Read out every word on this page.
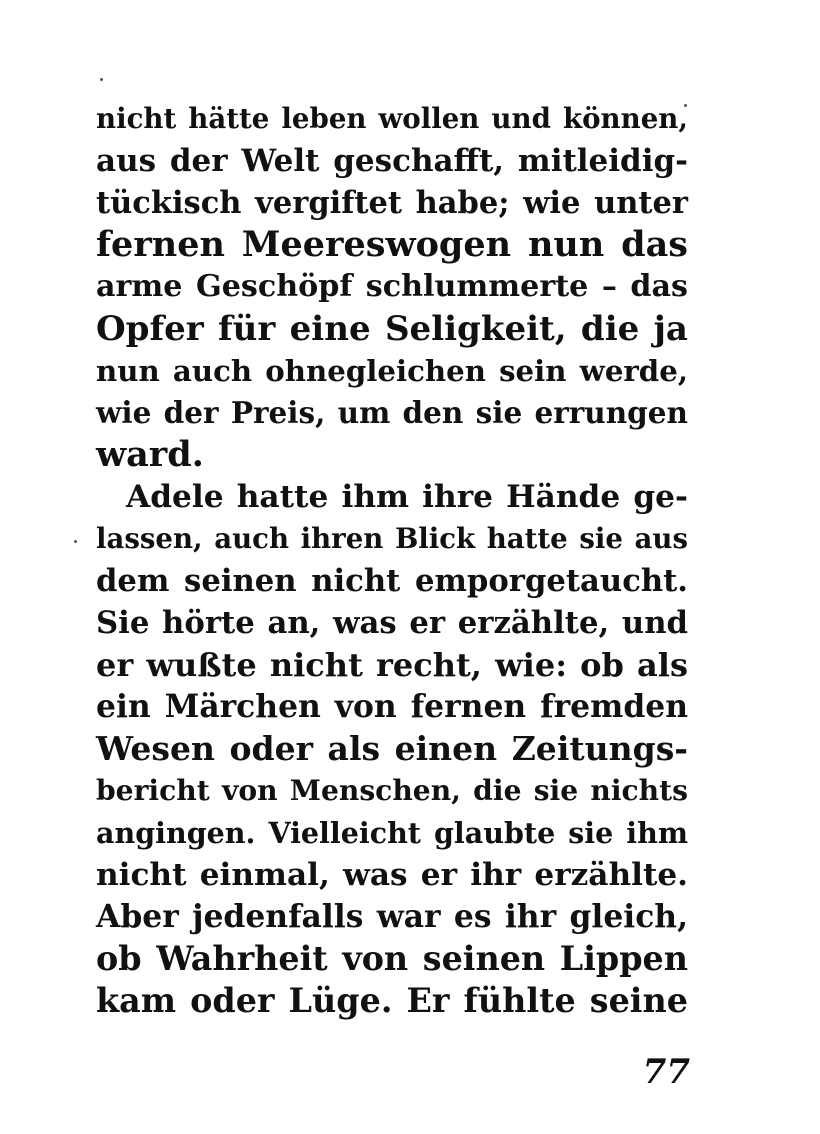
nicht hätte leben wollen und können,
aus der Welt geschafft, mitleidig-
tückisch vergiftet habe; wie unter
fernen Meereswogen nun das
arme Geschöpf schlummerte – das
Opfer für eine Seligkeit, die ja
nun auch ohnegleichen sein werde,
wie der Preis, um den sie errungen
ward.
Adele hatte ihm ihre Hände ge-
lassen, auch ihren Blick hatte sie aus
dem seinen nicht emporgetaucht.
Sie hörte an, was er erzählte, und
er wußte nicht recht, wie: ob als
ein Märchen von fernen fremden
Wesen oder als einen Zeitungs-
bericht von Menschen, die sie nichts
angingen. Vielleicht glaubte sie ihm
nicht einmal, was er ihr erzählte.
Aber jedenfalls war es ihr gleich,
ob Wahrheit von seinen Lippen
kam oder Lüge. Er fühlte seine
77
